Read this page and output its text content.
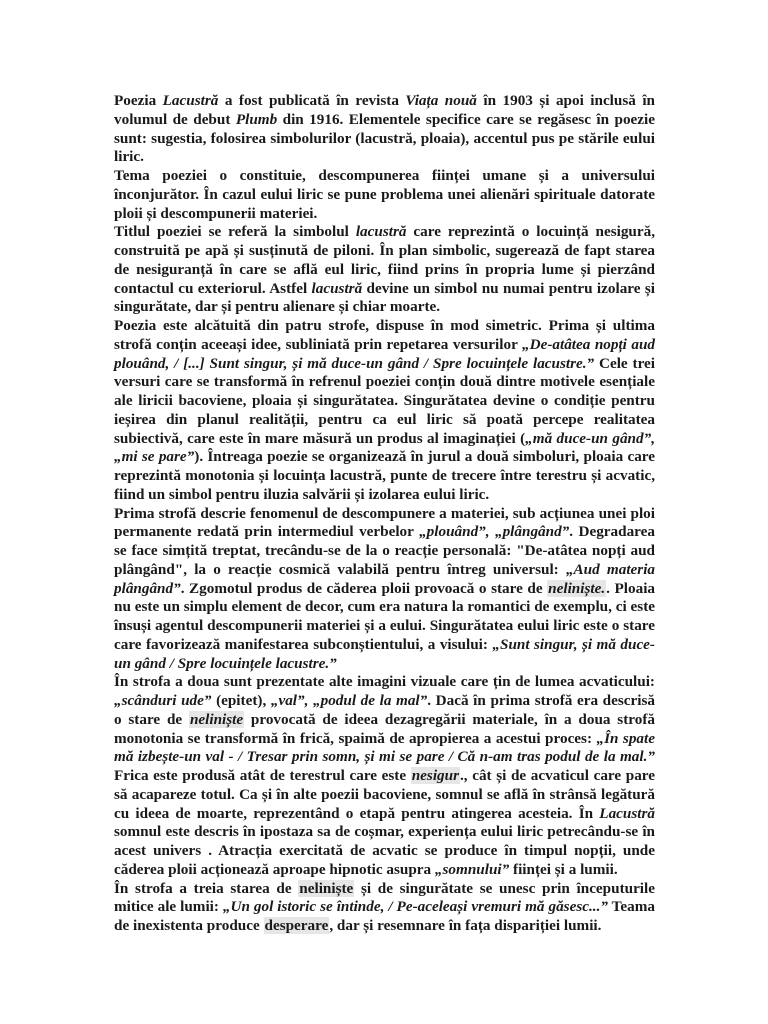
Poezia Lacustră a fost publicată în revista Viața nouă în 1903 și apoi inclusă în volumul de debut Plumb din 1916. Elementele specifice care se regăsesc în poezie sunt: sugestia, folosirea simbolurilor (lacustră, ploaia), accentul pus pe stările eului liric.

Tema poeziei o constituie, descompunerea ființei umane și a universului înconjurător. În cazul eului liric se pune problema unei alienări spirituale datorate ploii și descompunerii materiei.

Titlul poeziei se referă la simbolul lacustră care reprezintă o locuință nesigură, construită pe apă și susținută de piloni. În plan simbolic, sugerează de fapt starea de nesiguranță în care se află eul liric, fiind prins în propria lume și pierzând contactul cu exteriorul. Astfel lacustră devine un simbol nu numai pentru izolare și singurătate, dar și pentru alienare și chiar moarte.

Poezia este alcătuită din patru strofe, dispuse în mod simetric. Prima și ultima strofă conțin aceeași idee, subliniată prin repetarea versurilor „De-atâtea nopți aud plouând, / [...] Sunt singur, și mă duce-un gând / Spre locuințele lacustre.” Cele trei versuri care se transformă în refrenul poeziei conțin două dintre motivele esențiale ale liricii bacoviene, ploaia și singurătatea. Singurătatea devine o condiție pentru ieșirea din planul realității, pentru ca eul liric să poată percepe realitatea subiectivă, care este în mare măsură un produs al imaginației („mă duce-un gând”, „mi se pare”). Întreaga poezie se organizează în jurul a două simboluri, ploaia care reprezintă monotonia și locuința lacustră, punte de trecere între terestru și acvatic, fiind un simbol pentru iluzia salvării și izolarea eului liric.

Prima strofă descrie fenomenul de descompunere a materiei, sub acțiunea unei ploi permanente redată prin intermediul verbelor „plouând”, „plângând”. Degradarea se face simțită treptat, trecându-se de la o reacție personală: "De-atâtea nopți aud plângând", la o reacție cosmică valabilă pentru întreg universul: „Aud materia plângând”. Zgomotul produs de căderea ploii provoacă o stare de neliniște.. Ploaia nu este un simplu element de decor, cum era natura la romantici de exemplu, ci este însuși agentul descompunerii materiei și a eului. Singurătatea eului liric este o stare care favorizează manifestarea subconștientului, a visului: „Sunt singur, și mă duce-un gând / Spre locuințele lacustre.”

În strofa a doua sunt prezentate alte imagini vizuale care țin de lumea acvaticului: „scânduri ude” (epitet), „val”, „podul de la mal”. Dacă în prima strofă era descrisă o stare de neliniște provocată de ideea dezagregării materiale, în a doua strofă monotonia se transformă în frică, spaimă de apropierea a acestui proces: „În spate mă izbește-un val - / Tresar prin somn, și mi se pare / Că n-am tras podul de la mal.” Frica este produsă atât de terestrul care este nesigur., cât și de acvaticul care pare să acapareze totul. Ca și în alte poezii bacoviene, somnul se află în strânsă legătură cu ideea de moarte, reprezentând o etapă pentru atingerea acesteia. În Lacustră somnul este descris în ipostaza sa de coșmar, experiența eului liric petrecându-se în acest univers . Atracția exercitată de acvatic se produce în timpul nopții, unde căderea ploii acționează aproape hipnotic asupra „somnului” ființei și a lumii.

În strofa a treia starea de neliniște și de singurătate se unesc prin începuturile mitice ale lumii: „Un gol istoric se întinde, / Pe-aceleași vremuri mă găsesc...” Teama de inexistenta produce desperare, dar și resemnare în fața dispariției lumii.
